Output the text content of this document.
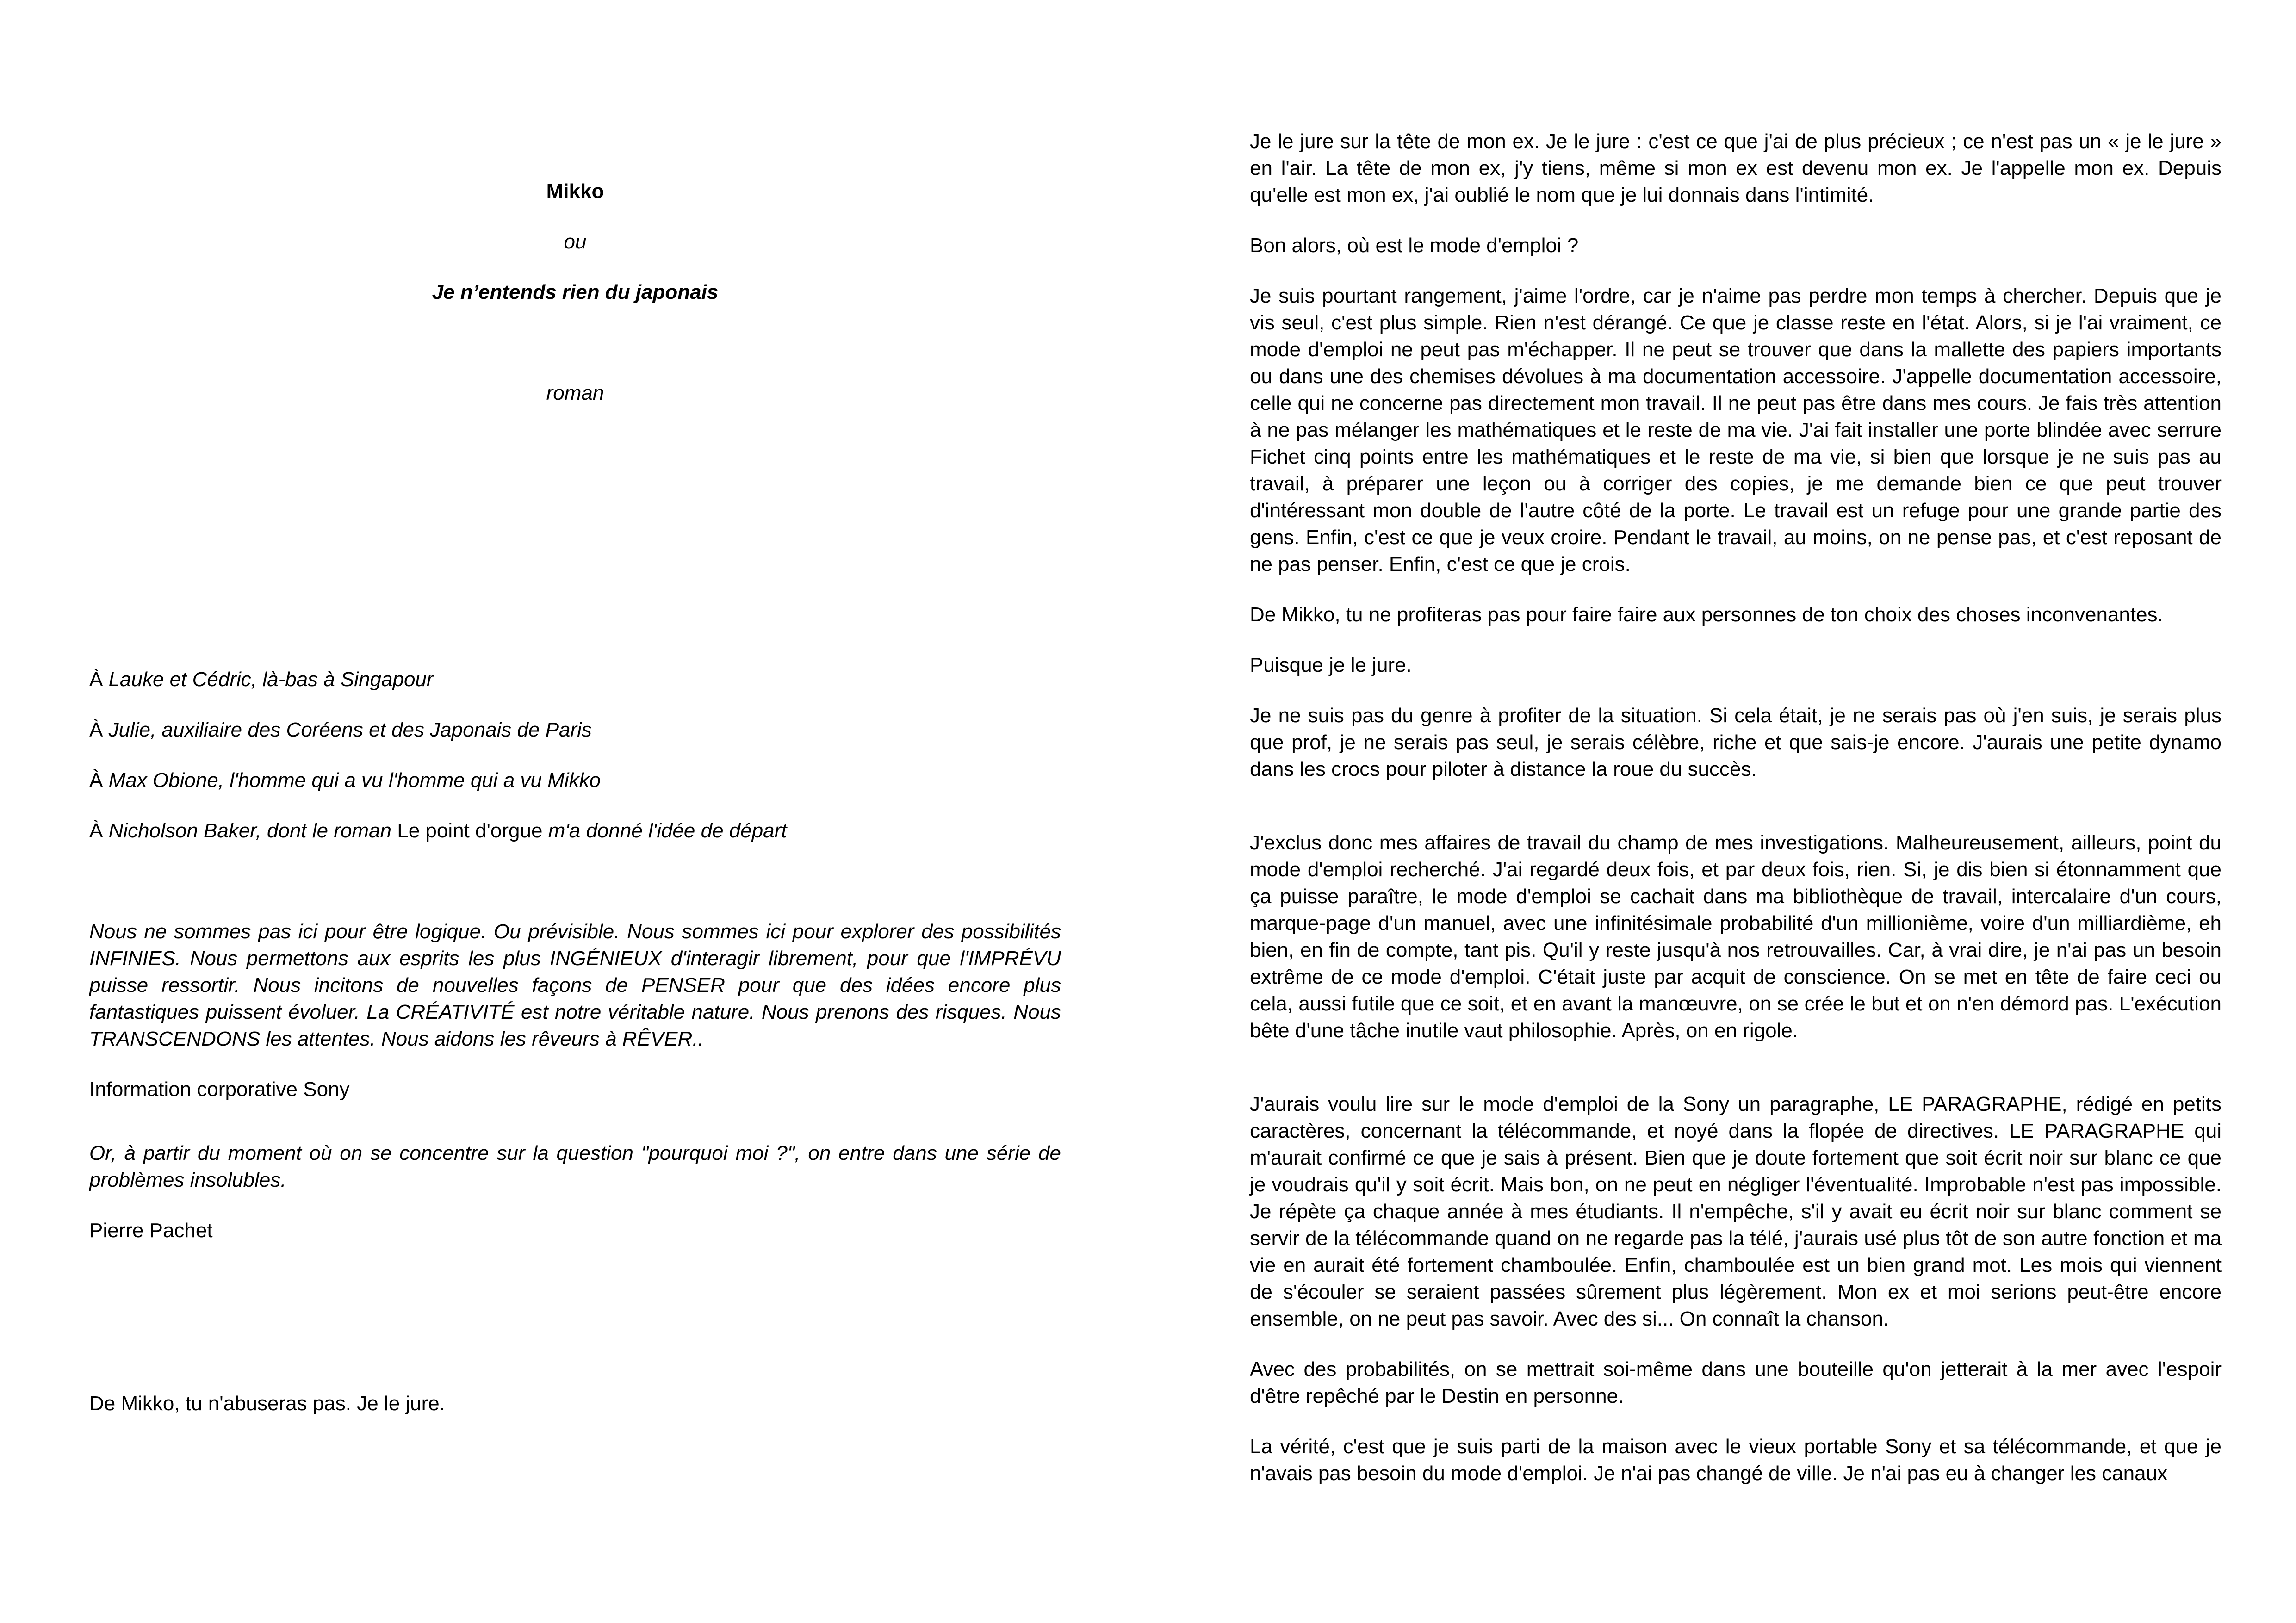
Mikko

ou

Je n’entends rien du japonais

roman

À Lauke et Cédric, là-bas à Singapour

À Julie, auxiliaire des Coréens et des Japonais de Paris

À Max Obione, l'homme qui a vu l'homme qui a vu Mikko

À Nicholson Baker, dont le roman Le point d'orgue m'a donné l'idée de départ

Nous ne sommes pas ici pour être logique. Ou prévisible. Nous sommes ici pour explorer des possibilités INFINIES. Nous permettons aux esprits les plus INGÉNIEUX d'interagir librement, pour que l'IMPRÉVU puisse ressortir. Nous incitons de nouvelles façons de PENSER pour que des idées encore plus fantastiques puissent évoluer. La CRÉATIVITÉ est notre véritable nature. Nous prenons des risques. Nous TRANSCENDONS les attentes. Nous aidons les rêveurs à RÊVER..

Information corporative Sony

Or, à partir du moment où on se concentre sur la question "pourquoi moi ?", on entre dans une série de problèmes insolubles.

Pierre Pachet

De Mikko, tu n'abuseras pas. Je le jure.

Je le jure sur la tête de mon ex. Je le jure : c'est ce que j'ai de plus précieux ; ce n'est pas un « je le jure » en l'air. La tête de mon ex, j'y tiens, même si mon ex est devenu mon ex. Je l'appelle mon ex. Depuis qu'elle est mon ex, j'ai oublié le nom que je lui donnais dans l'intimité.

Bon alors, où est le mode d'emploi ?

Je suis pourtant rangement, j'aime l'ordre, car je n'aime pas perdre mon temps à chercher. Depuis que je vis seul, c'est plus simple. Rien n'est dérangé. Ce que je classe reste en l'état. Alors, si je l'ai vraiment, ce mode d'emploi ne peut pas m'échapper. Il ne peut se trouver que dans la mallette des papiers importants ou dans une des chemises dévolues à ma documentation accessoire. J'appelle documentation accessoire, celle qui ne concerne pas directement mon travail. Il ne peut pas être dans mes cours. Je fais très attention à ne pas mélanger les mathématiques et le reste de ma vie. J'ai fait installer une porte blindée avec serrure Fichet cinq points entre les mathématiques et le reste de ma vie, si bien que lorsque je ne suis pas au travail, à préparer une leçon ou à corriger des copies, je me demande bien ce que peut trouver d'intéressant mon double de l'autre côté de la porte. Le travail est un refuge pour une grande partie des gens. Enfin, c'est ce que je veux croire. Pendant le travail, au moins, on ne pense pas, et c'est reposant de ne pas penser. Enfin, c'est ce que je crois.

De Mikko, tu ne profiteras pas pour faire faire aux personnes de ton choix des choses inconvenantes.

Puisque je le jure.

Je ne suis pas du genre à profiter de la situation. Si cela était, je ne serais pas où j'en suis, je serais plus que prof, je ne serais pas seul, je serais célèbre, riche et que sais-je encore. J'aurais une petite dynamo dans les crocs pour piloter à distance la roue du succès.

J'exclus donc mes affaires de travail du champ de mes investigations. Malheureusement, ailleurs, point du mode d'emploi recherché. J'ai regardé deux fois, et par deux fois, rien. Si, je dis bien si étonnamment que ça puisse paraître, le mode d'emploi se cachait dans ma bibliothèque de travail, intercalaire d'un cours, marque-page d'un manuel, avec une infinitésimale probabilité d'un millionième, voire d'un milliardième, eh bien, en fin de compte, tant pis. Qu'il y reste jusqu'à nos retrouvailles. Car, à vrai dire, je n'ai pas un besoin extrême de ce mode d'emploi. C'était juste par acquit de conscience. On se met en tête de faire ceci ou cela, aussi futile que ce soit, et en avant la manœuvre, on se crée le but et on n'en démord pas. L'exécution bête d'une tâche inutile vaut philosophie. Après, on en rigole.

J'aurais voulu lire sur le mode d'emploi de la Sony un paragraphe, LE PARAGRAPHE, rédigé en petits caractères, concernant la télécommande, et noyé dans la flopée de directives. LE PARAGRAPHE qui m'aurait confirmé ce que je sais à présent. Bien que je doute fortement que soit écrit noir sur blanc ce que je voudrais qu'il y soit écrit. Mais bon, on ne peut en négliger l'éventualité. Improbable n'est pas impossible. Je répète ça chaque année à mes étudiants. Il n'empêche, s'il y avait eu écrit noir sur blanc comment se servir de la télécommande quand on ne regarde pas la télé, j'aurais usé plus tôt de son autre fonction et ma vie en aurait été fortement chamboulée. Enfin, chamboulée est un bien grand mot. Les mois qui viennent de s'écouler se seraient passées sûrement plus légèrement. Mon ex et moi serions peut-être encore ensemble, on ne peut pas savoir. Avec des si... On connaît la chanson.

Avec des probabilités, on se mettrait soi-même dans une bouteille qu'on jetterait à la mer avec l'espoir d'être repêché par le Destin en personne.

La vérité, c'est que je suis parti de la maison avec le vieux portable Sony et sa télécommande, et que je n'avais pas besoin du mode d'emploi. Je n'ai pas changé de ville. Je n'ai pas eu à changer les canaux
